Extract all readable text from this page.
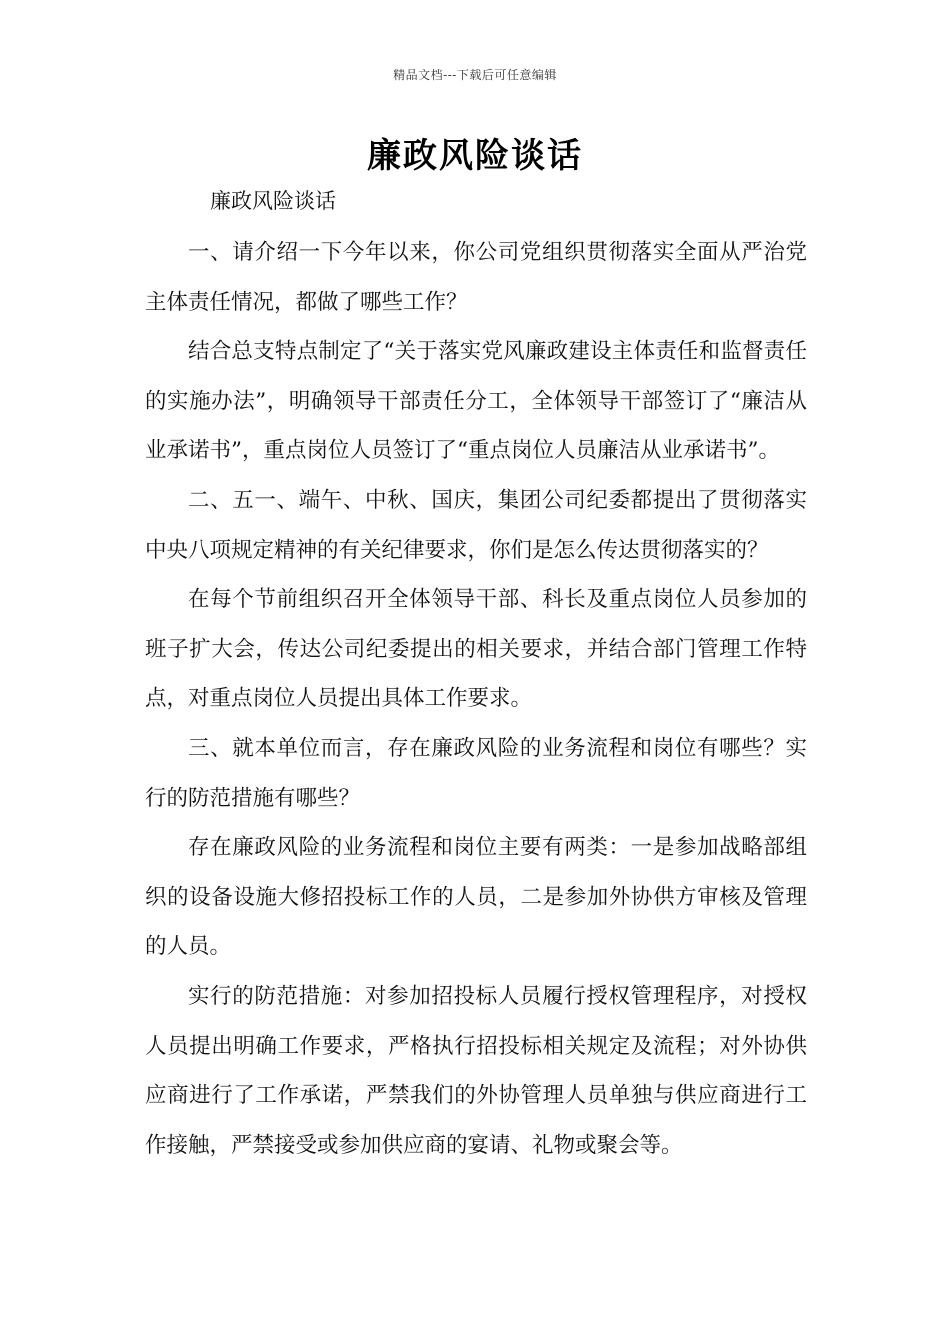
精品文档---下载后可任意编辑
廉政风险谈话
廉政风险谈话

一、请介绍一下今年以来，你公司党组织贯彻落实全面从严治党主体责任情况，都做了哪些工作？

结合总支特点制定了“关于落实党风廉政建设主体责任和监督责任的实施办法”，明确领导干部责任分工，全体领导干部签订了“廉洁从业承诺书”，重点岗位人员签订了“重点岗位人员廉洁从业承诺书”。

二、五一、端午、中秋、国庆，集团公司纪委都提出了贯彻落实中央八项规定精神的有关纪律要求，你们是怎么传达贯彻落实的？

在每个节前组织召开全体领导干部、科长及重点岗位人员参加的班子扩大会，传达公司纪委提出的相关要求，并结合部门管理工作特点，对重点岗位人员提出具体工作要求。

三、就本单位而言，存在廉政风险的业务流程和岗位有哪些？实行的防范措施有哪些？

存在廉政风险的业务流程和岗位主要有两类：一是参加战略部组织的设备设施大修招投标工作的人员，二是参加外协供方审核及管理的人员。

实行的防范措施：对参加招投标人员履行授权管理程序，对授权人员提出明确工作要求，严格执行招投标相关规定及流程；对外协供应商进行了工作承诺，严禁我们的外协管理人员单独与供应商进行工作接触，严禁接受或参加供应商的宴请、礼物或聚会等。
